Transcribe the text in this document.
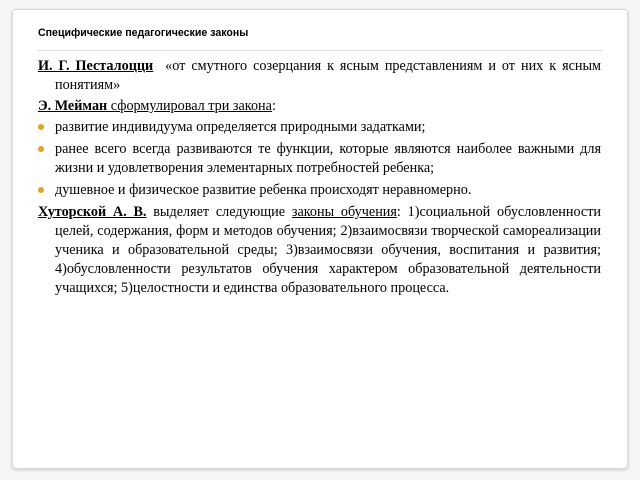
Специфические педагогические законы

И. Г. Песталоцци «от смутного созерцания к ясным представлениям и от них к ясным понятиям»

Э. Мейман сформулировал три закона:

развитие индивидуума определяется природными задатками;
ранее всего всегда развиваются те функции, которые являются наиболее важными для жизни и удовлетворения элементарных потребностей ребенка;
душевное и физическое развитие ребенка происходят неравномерно.

Хуторской А. В. выделяет следующие законы обучения: 1)социальной обусловленности целей, содержания, форм и методов обучения; 2)взаимосвязи творческой самореализации ученика и образовательной среды; 3)взаимосвязи обучения, воспитания и развития; 4)обусловленности результатов обучения характером образовательной деятельности учащихся; 5)целостности и единства образовательного процесса.
